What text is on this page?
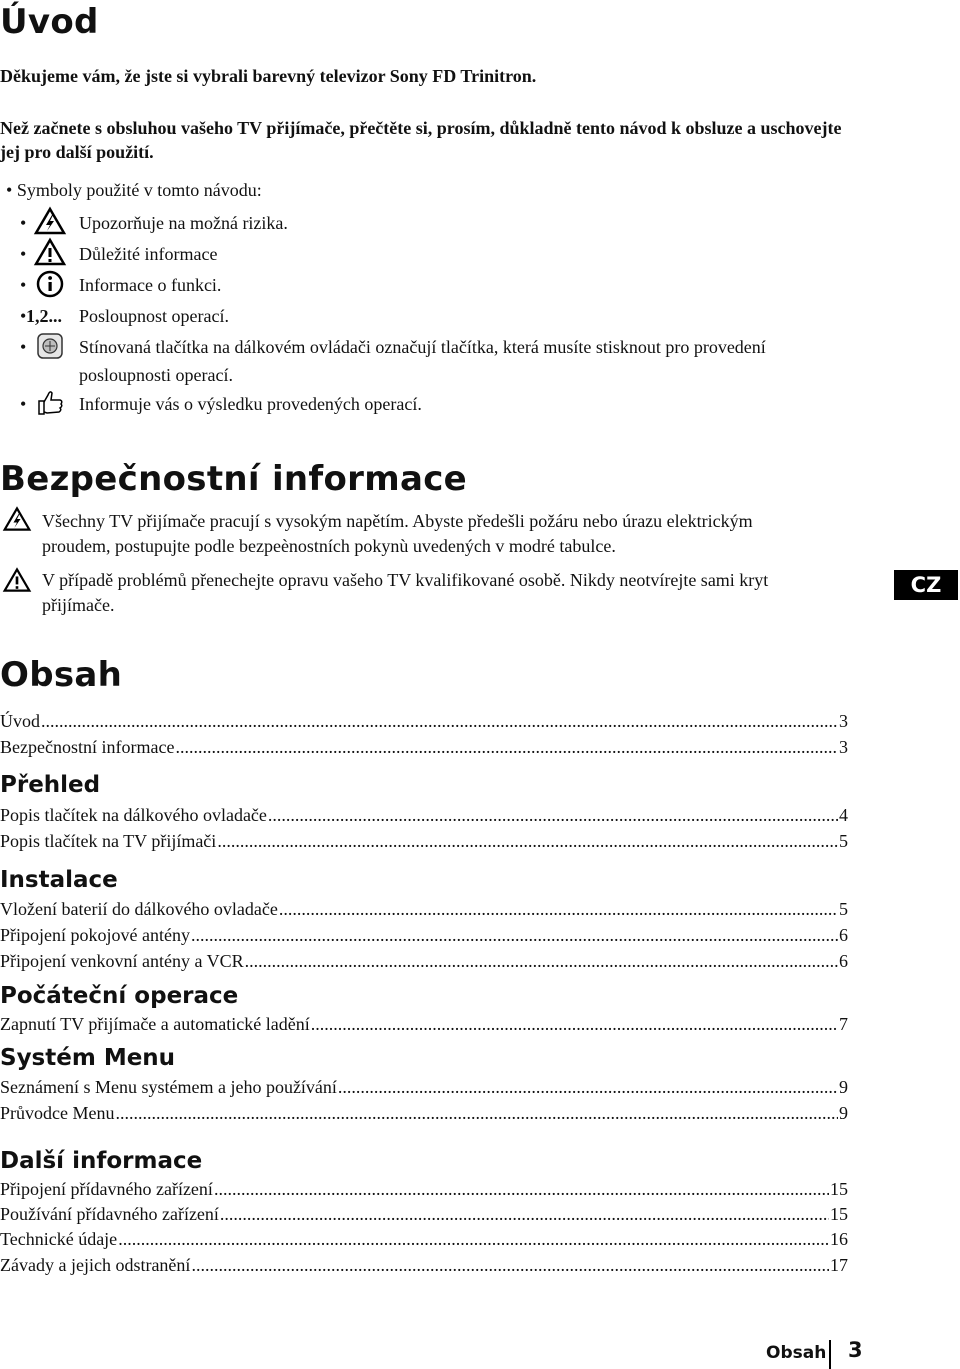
Úvod
Děkujeme vám, že jste si vybrali barevný televizor Sony FD Trinitron.
Než začnete s obsluhou vašeho TV přijímače, přečtěte si, prosím, důkladně tento návod k obsluze a uschovejte jej pro další použití.
• Symboly použité v tomto návodu:
•	Upozorňuje na možná rizika.
•	Důležité informace
•	Informace o funkci.
• 1,2... Posloupnost operací.
•	Stínovaná tlačítka na dálkovém ovládači označují tlačítka, která musíte stisknout pro provedení
posloupnosti operací.
•	Informuje vás o výsledku provedených operací.
Bezpečnostní informace
Všechny TV přijímače pracují s vysokým napětím. Abyste předešli požáru nebo úrazu elektrickým
proudem, postupujte podle bezpeènostních pokynù uvedených v modré tabulce.
V případě problémů přenechejte opravu vašeho TV kvalifikované osobě. Nikdy neotvírejte sami kryt
přijímače.
CZ
Obsah
Úvod .....	3
Bezpečnostní informace .....	3
Přehled
Popis tlačítek na dálkového ovladače .....	4
Popis tlačítek na TV přijímači .....	5
Instalace
Vložení baterií do dálkového ovladače .....	5
Připojení pokojové antény .....	6
Připojení venkovní antény a VCR .....	6
Počáteční operace
Zapnutí TV přijímače a automatické ladění .....	7
Systém Menu
Seznámení s Menu systémem a jeho používání .....	9
Průvodce Menu .....	9
Další informace
Připojení přídavného zařízení .....	15
Používání přídavného zařízení .....	15
Technické údaje .....	16
Závady a jejich odstranění .....	17
Obsah 3
